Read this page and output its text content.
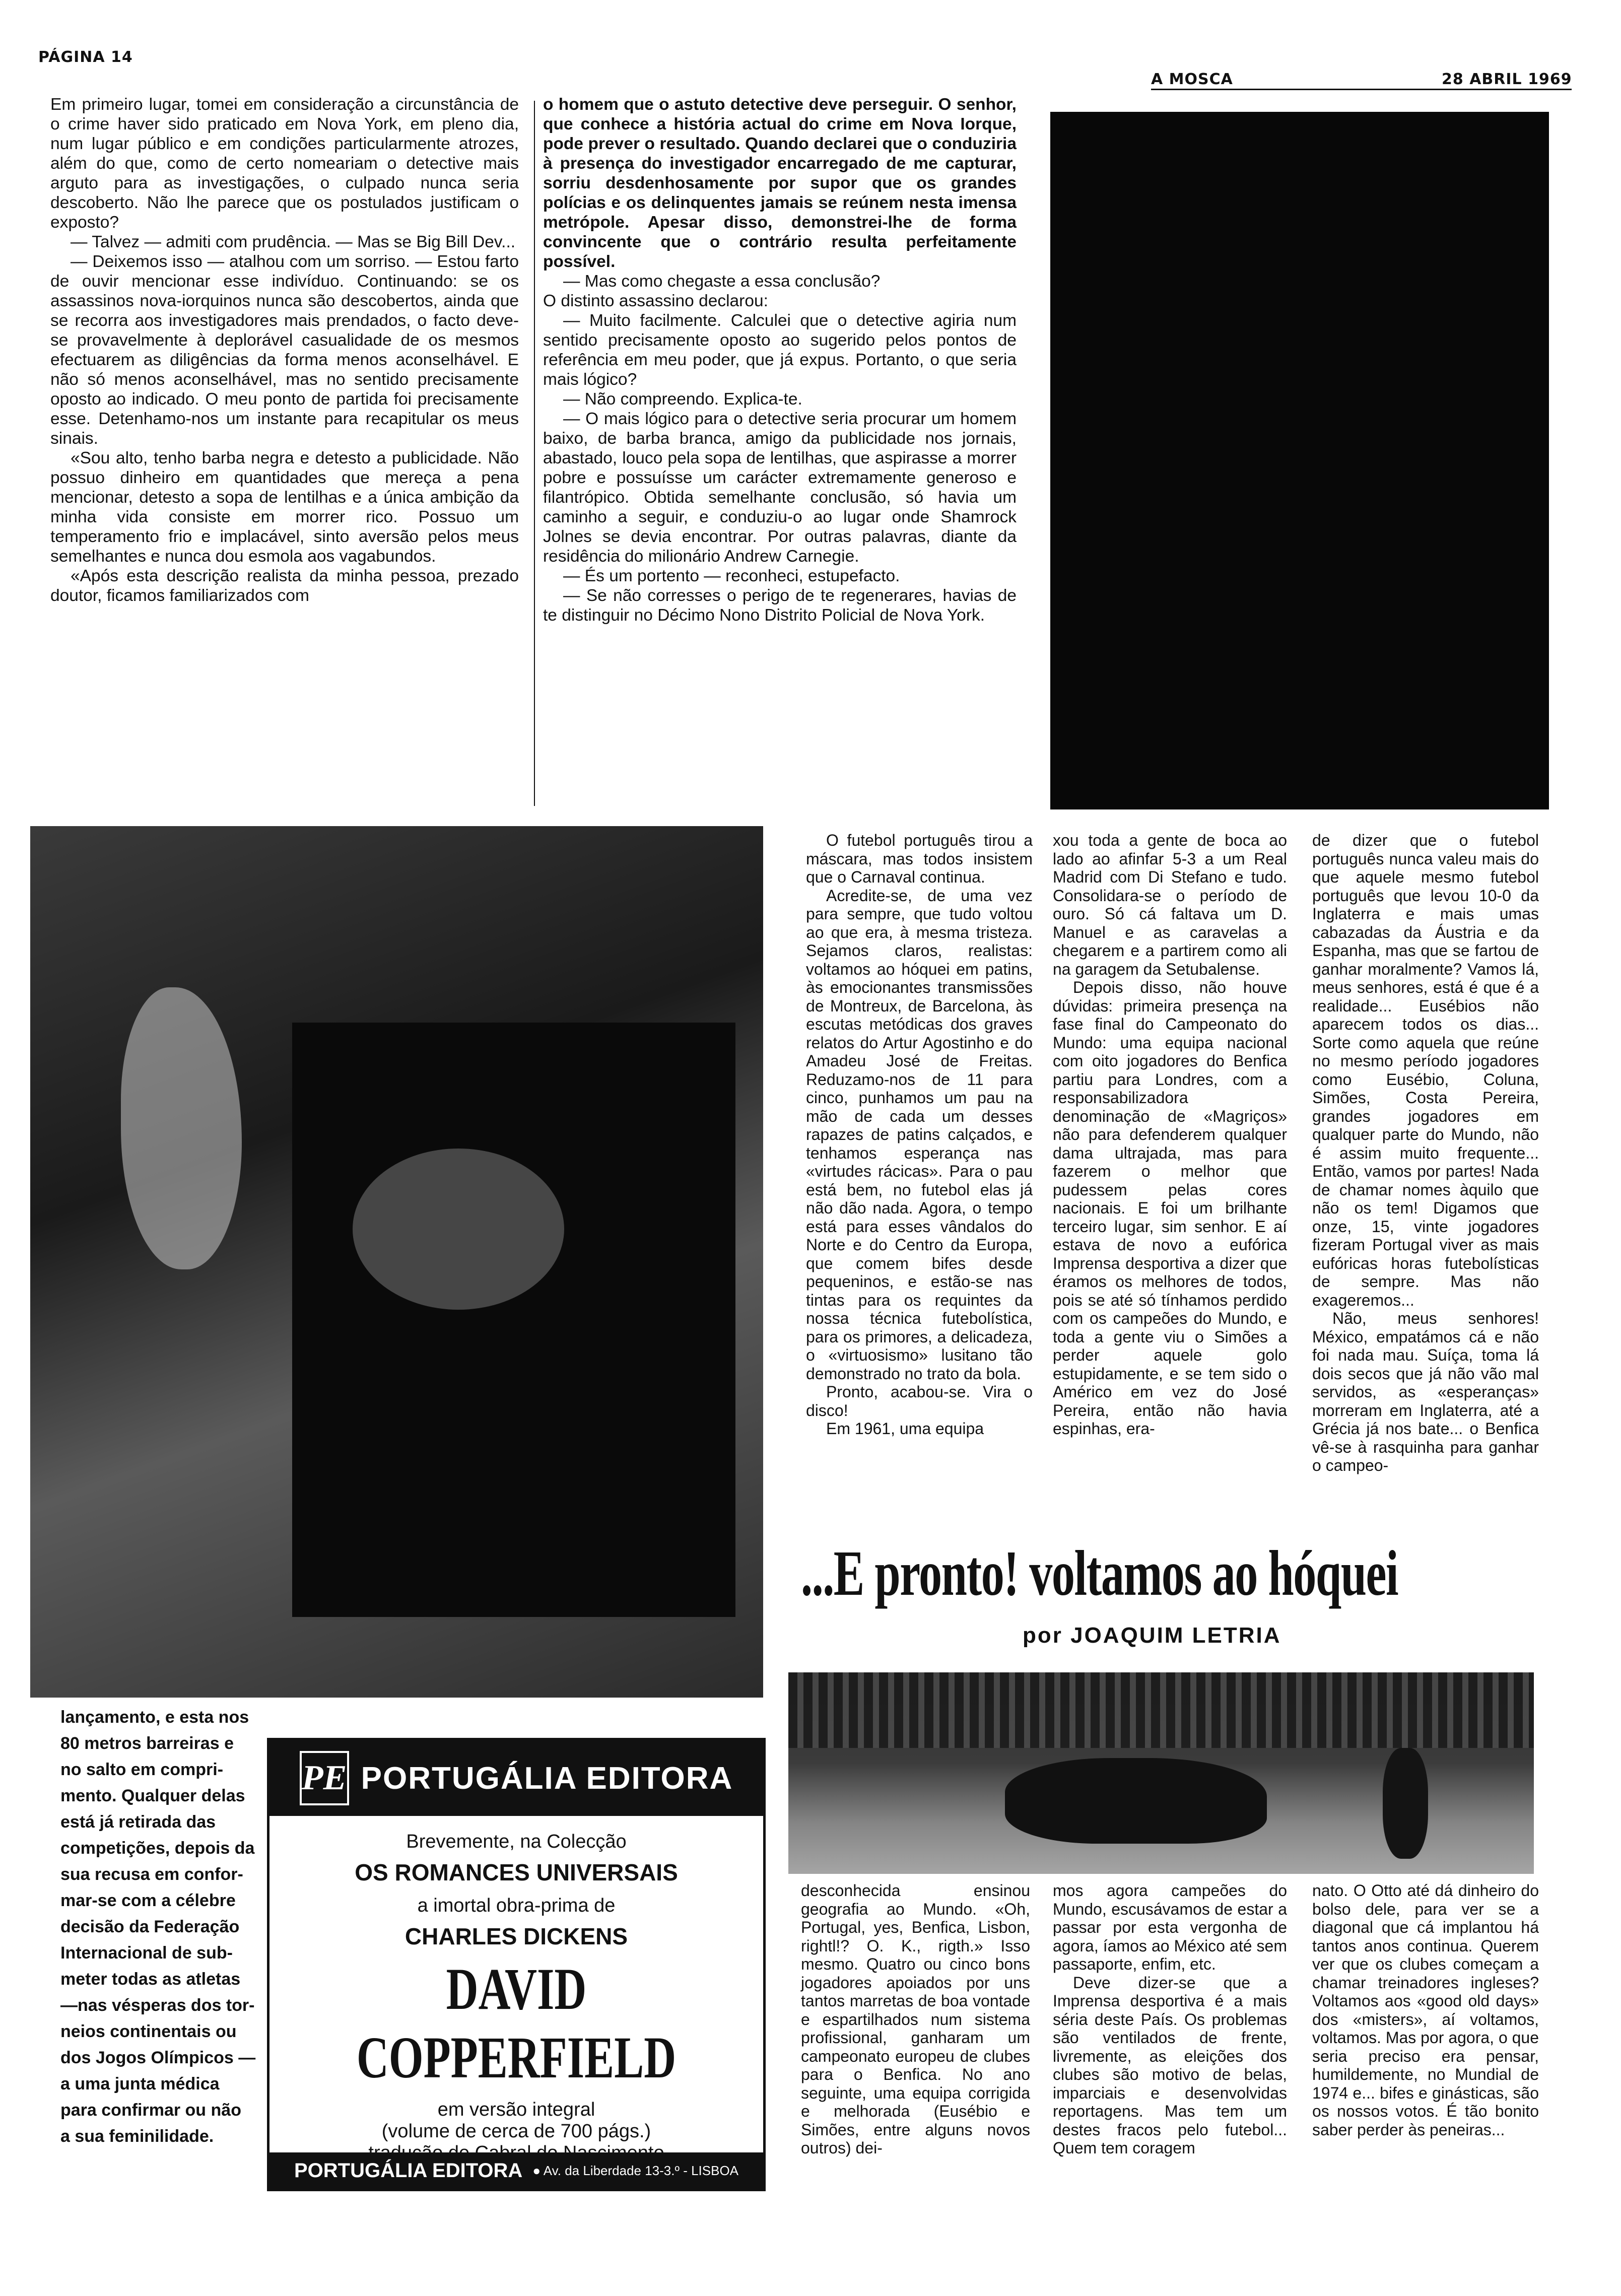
PÁGINA 14
A MOSCA	28 ABRIL 1969

Em primeiro lugar, tomei em consideração a circunstância de o crime haver sido praticado em Nova York, em pleno dia, num lugar público e em condições particularmente atrozes, além do que, como de certo nomeariam o detective mais arguto para as investigações, o culpado nunca seria descoberto. Não lhe parece que os postulados justificam o exposto?

— Talvez — admiti com prudência. — Mas se Big Bill Dev...

— Deixemos isso — atalhou com um sorriso. — Estou farto de ouvir mencionar esse indivíduo. Continuando: se os assassinos nova-iorquinos nunca são descobertos, ainda que se recorra aos investigadores mais prendados, o facto deve-se provavelmente à deplorável casualidade de os mesmos efectuarem as diligências da forma menos aconselhável. E não só menos aconselhável, mas no sentido precisamente oposto ao indicado. O meu ponto de partida foi precisamente esse. Detenhamo-nos um instante para recapitular os meus sinais.

«Sou alto, tenho barba negra e detesto a publicidade. Não possuo dinheiro em quantidades que mereça a pena mencionar, detesto a sopa de lentilhas e a única ambição da minha vida consiste em morrer rico. Possuo um temperamento frio e implacável, sinto aversão pelos meus semelhantes e nunca dou esmola aos vagabundos.

«Após esta descrição realista da minha pessoa, prezado doutor, ficamos familiarizados com

o homem que o astuto detective deve perseguir. O senhor, que conhece a história actual do crime em Nova Iorque, pode prever o resultado. Quando declarei que o conduziria à presença do investigador encarregado de me capturar, sorriu desdenhosamente por supor que os grandes polícias e os delinquentes jamais se reúnem nesta imensa metrópole. Apesar disso, demonstrei-lhe de forma convincente que o contrário resulta perfeitamente possível.

— Mas como chegaste a essa conclusão?

O distinto assassino declarou:

— Muito facilmente. Calculei que o detective agiria num sentido precisamente oposto ao sugerido pelos pontos de referência em meu poder, que já expus. Portanto, o que seria mais lógico?

— Não compreendo. Explica-te.

— O mais lógico para o detective seria procurar um homem baixo, de barba branca, amigo da publicidade nos jornais, abastado, louco pela sopa de lentilhas, que aspirasse a morrer pobre e possuísse um carácter extremamente generoso e filantrópico. Obtida semelhante conclusão, só havia um caminho a seguir, e conduziu-o ao lugar onde Shamrock Jolnes se devia encontrar. Por outras palavras, diante da residência do milionário Andrew Carnegie.

— És um portento — reconheci, estupefacto.

— Se não corresses o perigo de te regenerares, havias de te distinguir no Décimo Nono Distrito Policial de Nova York.

lançamento, e esta nos
80 metros barreiras e
no salto em compri-
mento. Qualquer delas
está já retirada das
competições, depois da
sua recusa em confor-
mar-se com a célebre
decisão da Federação
Internacional de sub-
meter todas as atletas
—nas vésperas dos tor-
neios continentais ou
dos Jogos Olímpicos —
a uma junta médica
para confirmar ou não
a sua feminilidade.
PE PORTUGÁLIA EDITORA
Brevemente, na Colecção
OS ROMANCES UNIVERSAIS
a imortal obra-prima de
CHARLES DICKENS
DAVID COPPERFIELD
em versão integral
(volume de cerca de 700 págs.)
PORTUGÁLIA EDITORA ● Av. da Liberdade 13-3.º - LISBOA

O futebol português tirou a máscara, mas todos insistem que o Carnaval continua.

Acredite-se, de uma vez para sempre, que tudo voltou ao que era, à mesma tristeza. Sejamos claros, realistas: voltamos ao hóquei em patins, às emocionantes transmissões de Montreux, de Barcelona, às escutas metódicas dos graves relatos do Artur Agostinho e do Amadeu José de Freitas. Reduzamo-nos de 11 para cinco, punhamos um pau na mão de cada um desses rapazes de patins calçados, e tenhamos esperança nas «virtudes rácicas». Para o pau está bem, no futebol elas já não dão nada. Agora, o tempo está para esses vândalos do Norte e do Centro da Europa, que comem bifes desde pequeninos, e estão-se nas tintas para os requintes da nossa técnica futebolística, para os primores, a delicadeza, o «virtuosismo» lusitano tão demonstrado no trato da bola.

Pronto, acabou-se. Vira o disco!

Em 1961, uma equipa

xou toda a gente de boca ao lado ao afinfar 5-3 a um Real Madrid com Di Stefano e tudo. Consolidara-se o período de ouro. Só cá faltava um D. Manuel e as caravelas a chegarem e a partirem como ali na garagem da Setubalense.

Depois disso, não houve dúvidas: primeira presença na fase final do Campeonato do Mundo: uma equipa nacional com oito jogadores do Benfica partiu para Londres, com a responsabilizadora denominação de «Magriços» não para defenderem qualquer dama ultrajada, mas para fazerem o melhor que pudessem pelas cores nacionais. E foi um brilhante terceiro lugar, sim senhor. E aí estava de novo a eufórica Imprensa desportiva a dizer que éramos os melhores de todos, pois se até só tínhamos perdido com os campeões do Mundo, e toda a gente viu o Simões a perder aquele golo estupidamente, e se tem sido o Américo em vez do José Pereira, então não havia espinhas, era-

de dizer que o futebol português nunca valeu mais do que aquele mesmo futebol português que levou 10-0 da Inglaterra e mais umas cabazadas da Áustria e da Espanha, mas que se fartou de ganhar moralmente? Vamos lá, meus senhores, está é que é a realidade... Eusébios não aparecem todos os dias... Sorte como aquela que reúne no mesmo período jogadores como Eusébio, Coluna, Simões, Costa Pereira, grandes jogadores em qualquer parte do Mundo, não é assim muito frequente... Então, vamos por partes! Nada de chamar nomes àquilo que não os tem! Digamos que onze, 15, vinte jogadores fizeram Portugal viver as mais eufóricas horas futebolísticas de sempre. Mas não exageremos...

Não, meus senhores! México, empatámos cá e não foi nada mau. Suíça, toma lá dois secos que já não vão mal servidos, as «esperanças» morreram em Inglaterra, até a Grécia já nos bate... o Benfica vê-se à rasquinha para ganhar o campeo-

...E pronto! voltamos ao hóquei
por JOAQUIM LETRIA

desconhecida ensinou geografia ao Mundo. «Oh, Portugal, yes, Benfica, Lisbon, rightl!? O. K., rigth.» Isso mesmo. Quatro ou cinco bons jogadores apoiados por uns tantos marretas de boa vontade e espartilhados num sistema profissional, ganharam um campeonato europeu de clubes para o Benfica. No ano seguinte, uma equipa corrigida e melhorada (Eusébio e Simões, entre alguns novos outros) dei-

mos agora campeões do Mundo, escusávamos de estar a passar por esta vergonha de agora, íamos ao México até sem passaporte, enfim, etc.

Deve dizer-se que a Imprensa desportiva é a mais séria deste País. Os problemas são ventilados de frente, livremente, as eleições dos clubes são motivo de belas, imparciais e desenvolvidas reportagens. Mas tem um destes fracos pelo futebol... Quem tem coragem

nato. O Otto até dá dinheiro do bolso dele, para ver se a diagonal que cá implantou há tantos anos continua. Querem ver que os clubes começam a chamar treinadores ingleses? Voltamos aos «good old days» dos «misters», aí voltamos, voltamos. Mas por agora, o que seria preciso era pensar, humildemente, no Mundial de 1974 e... bifes e ginásticas, são os nossos votos. É tão bonito saber perder às peneiras...
